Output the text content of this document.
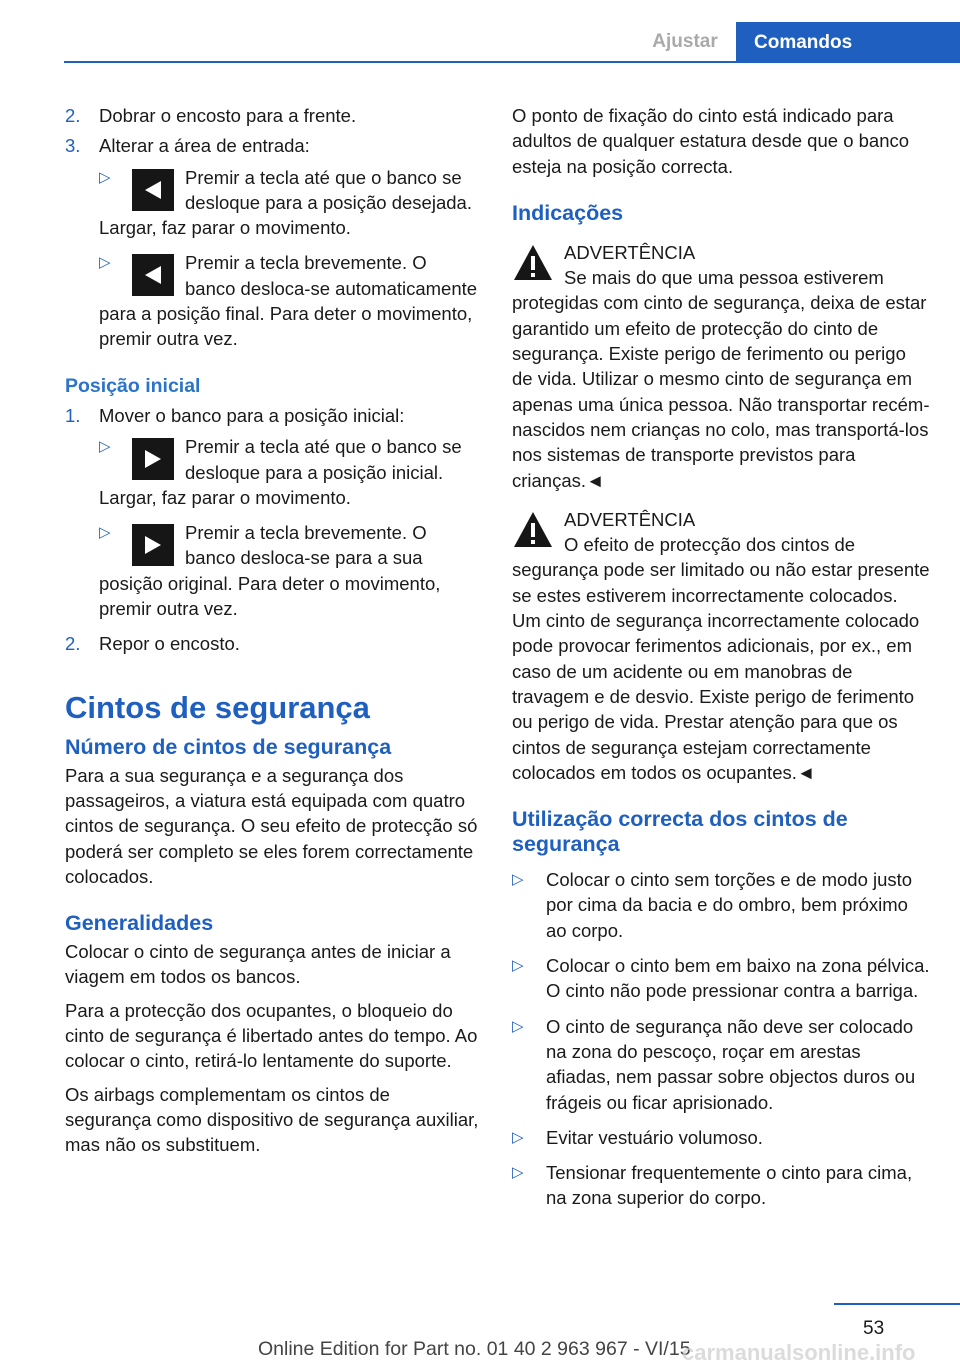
Ajustar	Comandos
2.	Dobrar o encosto para a frente.
3.	Alterar a área de entrada:
▷	Premir a tecla até que o banco se desloque para a posição desejada. Largar, faz parar o movimento.
▷	Premir a tecla brevemente. O banco desloca-se automaticamente para a posição final. Para deter o movimento, premir outra vez.
Posição inicial
1.	Mover o banco para a posição inicial:
▷	Premir a tecla até que o banco se desloque para a posição inicial. Largar, faz parar o movimento.
▷	Premir a tecla brevemente. O banco desloca-se para a sua posição original. Para deter o movimento, premir outra vez.
2.	Repor o encosto.
Cintos de segurança
Número de cintos de segurança
Para a sua segurança e a segurança dos passageiros, a viatura está equipada com quatro cintos de segurança. O seu efeito de protecção só poderá ser completo se eles forem correctamente colocados.
Generalidades
Colocar o cinto de segurança antes de iniciar a viagem em todos os bancos.
Para a protecção dos ocupantes, o bloqueio do cinto de segurança é libertado antes do tempo. Ao colocar o cinto, retirá-lo lentamente do suporte.
Os airbags complementam os cintos de segurança como dispositivo de segurança auxiliar, mas não os substituem.
O ponto de fixação do cinto está indicado para adultos de qualquer estatura desde que o banco esteja na posição correcta.
Indicações
ADVERTÊNCIA
Se mais do que uma pessoa estiverem protegidas com cinto de segurança, deixa de estar garantido um efeito de protecção do cinto de segurança. Existe perigo de ferimento ou perigo de vida. Utilizar o mesmo cinto de segurança em apenas uma única pessoa. Não transportar recém-nascidos nem crianças no colo, mas transportá-los nos sistemas de transporte previstos para crianças.◄
ADVERTÊNCIA
O efeito de protecção dos cintos de segurança pode ser limitado ou não estar presente se estes estiverem incorrectamente colocados. Um cinto de segurança incorrectamente colocado pode provocar ferimentos adicionais, por ex., em caso de um acidente ou em manobras de travagem e de desvio. Existe perigo de ferimento ou perigo de vida. Prestar atenção para que os cintos de segurança estejam correctamente colocados em todos os ocupantes.◄
Utilização correcta dos cintos de segurança
▷	Colocar o cinto sem torções e de modo justo por cima da bacia e do ombro, bem próximo ao corpo.
▷	Colocar o cinto bem em baixo na zona pélvica. O cinto não pode pressionar contra a barriga.
▷	O cinto de segurança não deve ser colocado na zona do pescoço, roçar em arestas afiadas, nem passar sobre objectos duros ou frágeis ou ficar aprisionado.
▷	Evitar vestuário volumoso.
▷	Tensionar frequentemente o cinto para cima, na zona superior do corpo.
53
Online Edition for Part no. 01 40 2 963 967 - VI/15
carmanualsonline.info
